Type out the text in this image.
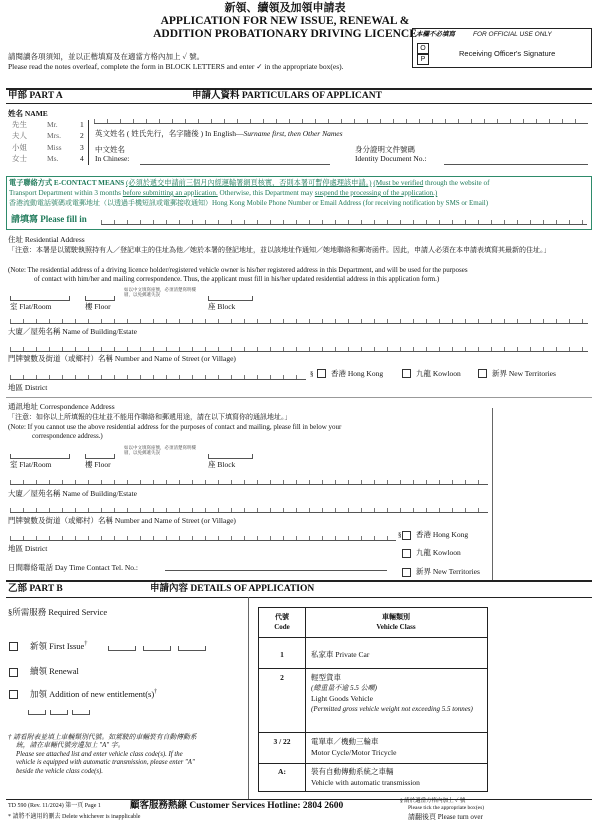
新領、續領及加領申請表
APPLICATION FOR NEW ISSUE, RENEWAL &
ADDITION PROBATIONARY DRIVING LICENCE
請閱讀各項須知，並以正楷填寫及在適當方格內加上 ✓ 號。
Please read the notes overleaf, complete the form in BLOCK LETTERS and enter ✓ in the appropriate box(es).
本欄不必填寫	FOR OFFICIAL USE ONLY
O
P
Receiving Officer's Signature
甲部 PART A	申請人資料 PARTICULARS OF APPLICANT
姓名 NAME
先生	Mr.	1
夫人	Mrs.	2
小姐	Miss 3
女士	Ms.	4
英文姓名 ( 姓氏先行，名字隨後 ) In English—Surname first, then Other Names
中文姓名
In Chinese:
身分證明文件號碼
Identity Document No.:
電子聯絡方式 E-CONTACT MEANS (必須於遞交申請前三個月內經運輸署網頁核實，否則本署可暫停處理該申請。) (Must be verified through the website of
Transport Department within 3 months before submitting an application. Otherwise, this Department may suspend the processing of the application.)
香港流動電話號碼或電郵地址（以透過手機短訊或電郵接收通知）Hong Kong Mobile Phone Number or Email Address (for receiving notification by SMS or Email)
請填寫 Please fill in
住址 Residential Address
「注意：本署是以駕駛執照持有人／登記車主的住址為他／她於本署的登記地址，並以該地址作通知／她地聯絡和郵寄函件。因此，申請人必須在本申請表填寫其最新的住址。」
(Note: The residential address of a driving licence holder/registered vehicle owner is his/her registered address in this Department, and will be used for the purposes
of contact with him/her and mailing correspondence. Thus, the applicant must fill in his/her updated residential address in this application form.)
如以中文填寫座號，必須清楚寫明樓層，以免郵遞失誤
室 Flat/Room	樓 Floor	座 Block
大廈／屋苑名稱 Name of Building/Estate
門牌號數及街道（或鄉村）名稱 Number and Name of Street (or Village)
地區 District
§ 香港 Hong Kong	九龍 Kowloon	新界 New Territories
通訊地址 Correspondence Address
「注意：如你以上所填報的住址並不能用作聯絡和郵遞用途，請在以下填寫你的通訊地址。」
(Note: If you cannot use the above residential address for the purposes of contact and mailing, please fill in below your
correspondence address.)
如以中文填寫座號，必須清楚寫明樓層，以免郵遞失誤
室 Flat/Room	樓 Floor	座 Block
大廈／屋苑名稱 Name of Building/Estate
門牌號數及街道（或鄉村）名稱 Number and Name of Street (or Village)
地區 District
§ 香港 Hong Kong
九龍 Kowloon
新界 New Territories
日間聯絡電話 Day Time Contact Tel. No.:
乙部 PART B	申請內容 DETAILS OF APPLICATION
§所需服務 Required Service
新領 First Issue†
續領 Renewal
加領 Addition of new entitlement(s)†
† 請看附表並填上車輛類別代號。如駕駛的車輛裝有自動傳動系
統，請在車輛代號旁邊加上 "A" 字。
Please see attached list and enter vehicle class code(s). If the
vehicle is equipped with automatic transmission, please enter "A"
beside the vehicle class code(s).
代號
Code
車輛類別
Vehicle Class
1	私家車 Private Car
2	輕型貨車
(總重量不逾 5.5 公噸)
Light Goods Vehicle
(Permitted gross vehicle weight not exceeding 5.5 tonnes)
3 / 22	電單車／機動三輪車
Motor Cycle/Motor Tricycle
A:	裝有自動傳動系統之車輛
Vehicle with automatic transmission
TD 590 (Rev. 11/2024) 第一頁 Page 1	顧客服務熱線 Customer Services Hotline: 2804 2600	§ 請於適當方格內加上 ✓ 號
Please tick the appropriate box(es)
請翻後頁 Please turn over
* 請將不適用的刪去 Delete whichever is inapplicable
